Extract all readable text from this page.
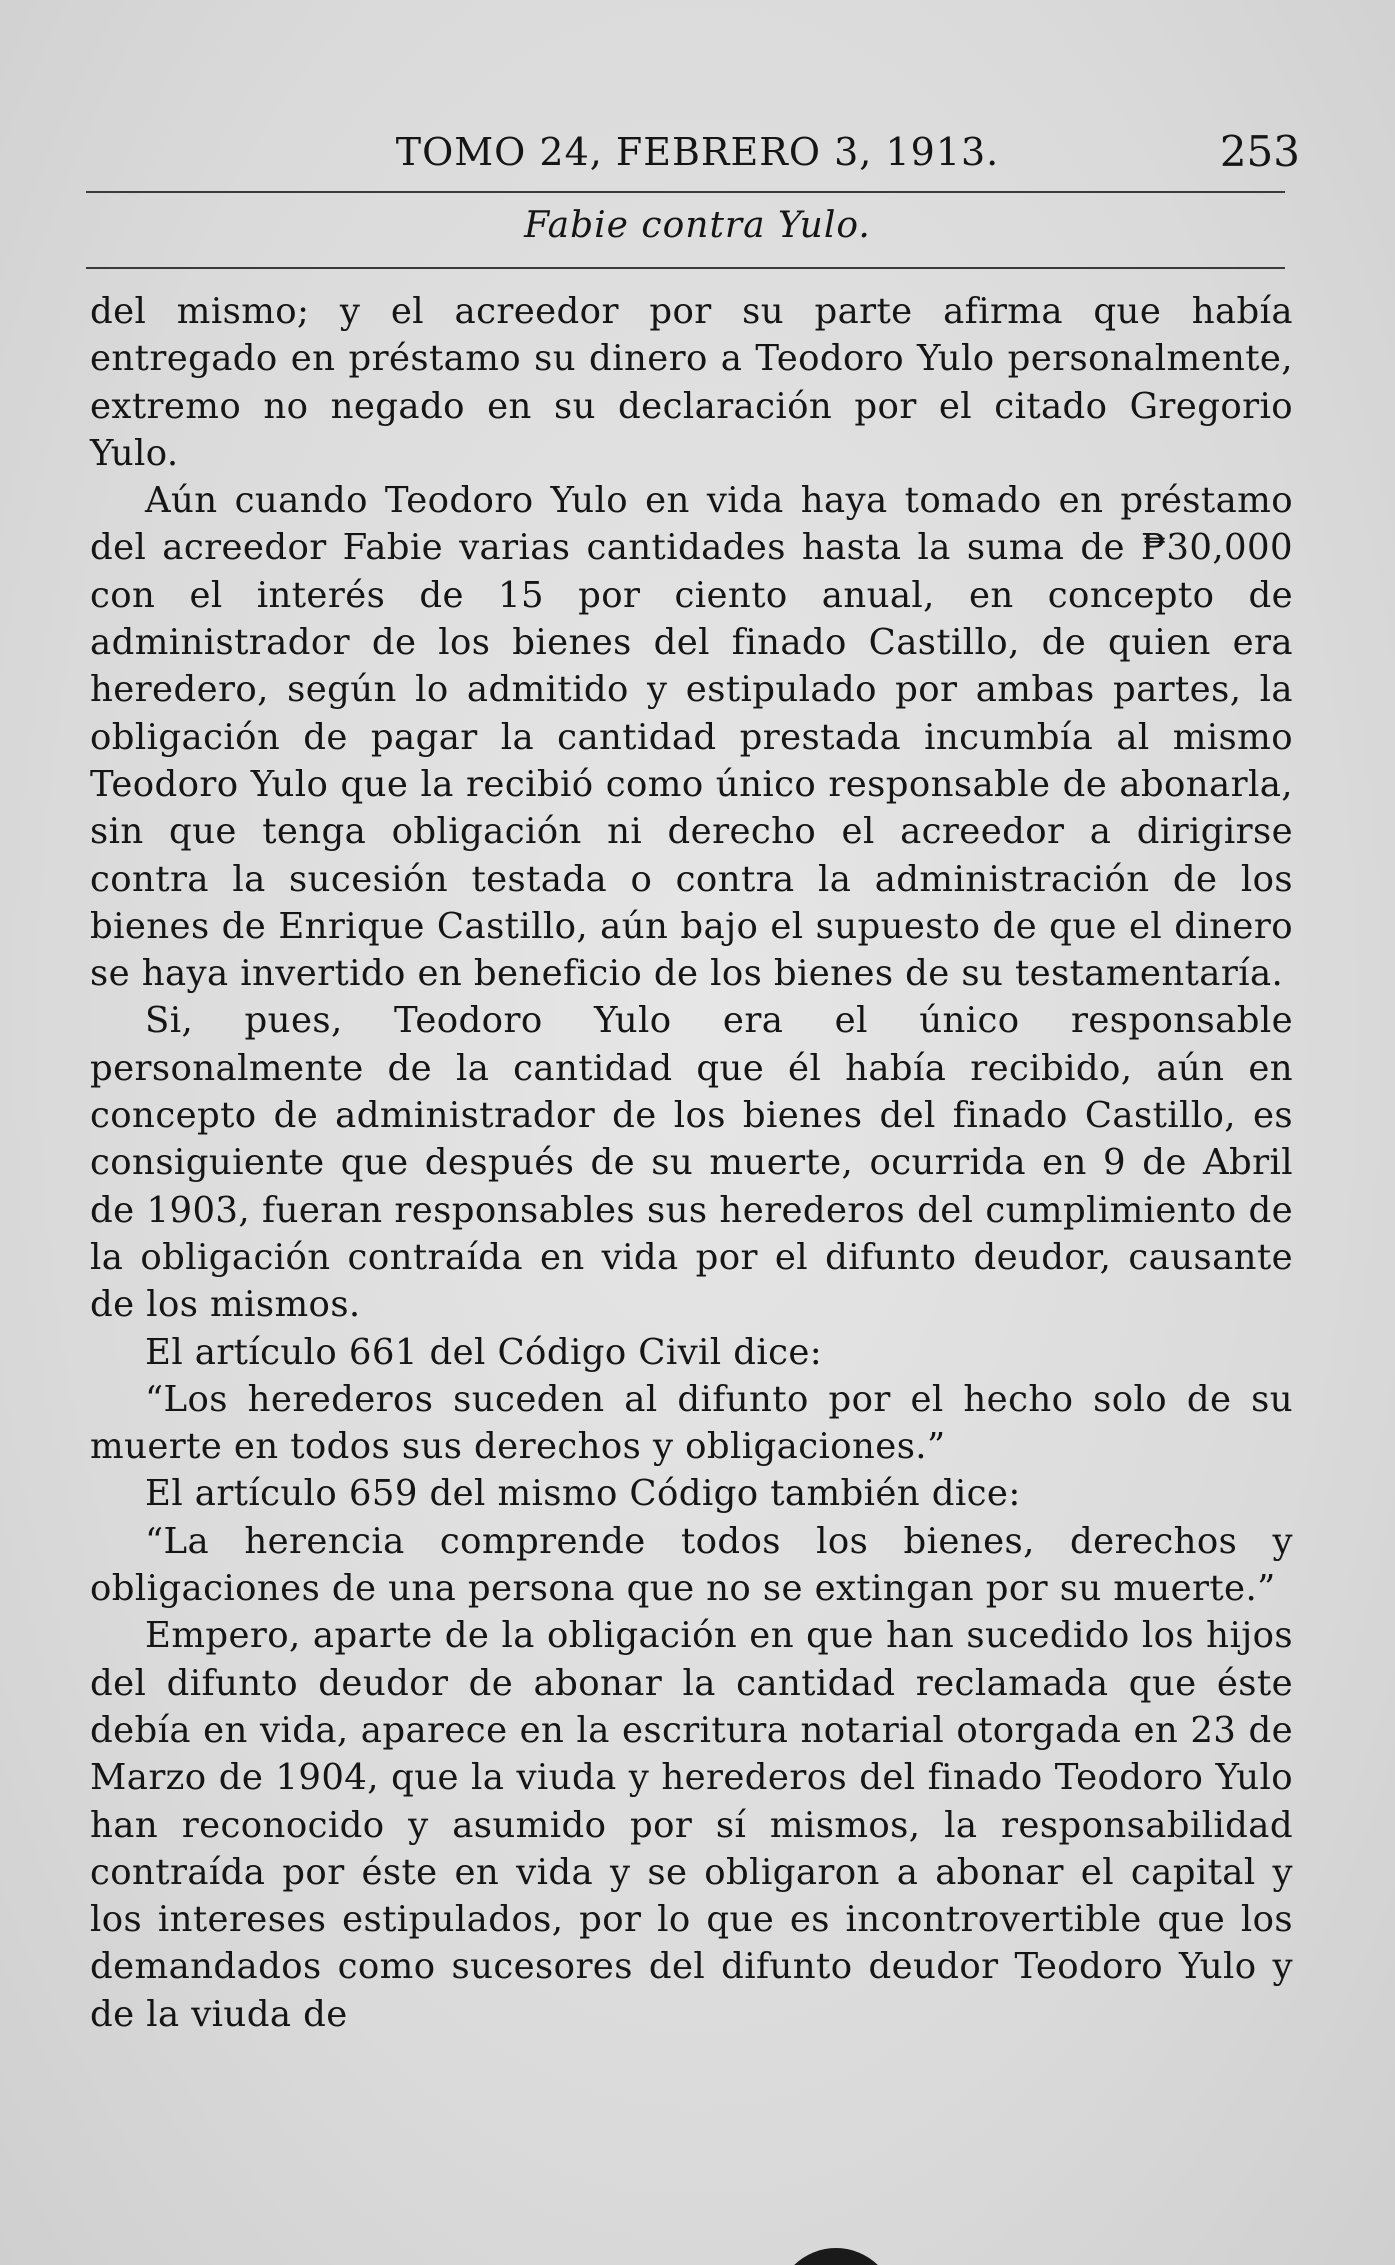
TOMO 24, FEBRERO 3, 1913.	253
Fabie contra Yulo.

del mismo; y el acreedor por su parte afirma que había entregado en préstamo su dinero a Teodoro Yulo personalmente, extremo no negado en su declaración por el citado Gregorio Yulo.

Aún cuando Teodoro Yulo en vida haya tomado en préstamo del acreedor Fabie varias cantidades hasta la suma de ₱30,000 con el interés de 15 por ciento anual, en concepto de administrador de los bienes del finado Castillo, de quien era heredero, según lo admitido y estipulado por ambas partes, la obligación de pagar la cantidad prestada incumbía al mismo Teodoro Yulo que la recibió como único responsable de abonarla, sin que tenga obligación ni derecho el acreedor a dirigirse contra la sucesión testada o contra la administración de los bienes de Enrique Castillo, aún bajo el supuesto de que el dinero se haya invertido en beneficio de los bienes de su testamentaría.

Si, pues, Teodoro Yulo era el único responsable personalmente de la cantidad que él había recibido, aún en concepto de administrador de los bienes del finado Castillo, es consiguiente que después de su muerte, ocurrida en 9 de Abril de 1903, fueran responsables sus herederos del cumplimiento de la obligación contraída en vida por el difunto deudor, causante de los mismos.

El artículo 661 del Código Civil dice:

“Los herederos suceden al difunto por el hecho solo de su muerte en todos sus derechos y obligaciones.”

El artículo 659 del mismo Código también dice:

“La herencia comprende todos los bienes, derechos y obligaciones de una persona que no se extingan por su muerte.”

Empero, aparte de la obligación en que han sucedido los hijos del difunto deudor de abonar la cantidad reclamada que éste debía en vida, aparece en la escritura notarial otorgada en 23 de Marzo de 1904, que la viuda y herederos del finado Teodoro Yulo han reconocido y asumido por sí mismos, la responsabilidad contraída por éste en vida y se obligaron a abonar el capital y los intereses estipulados, por lo que es incontrovertible que los demandados como sucesores del difunto deudor Teodoro Yulo y de la viuda de
